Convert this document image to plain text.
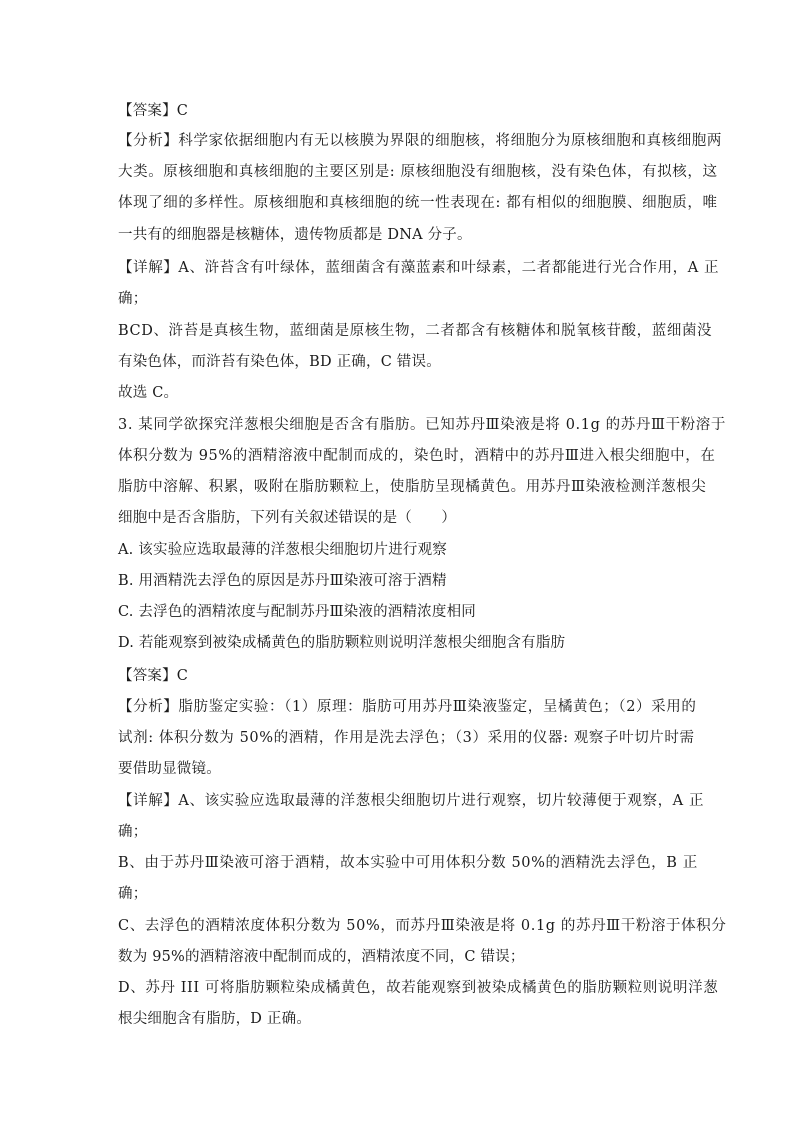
【答案】C
【分析】科学家依据细胞内有无以核膜为界限的细胞核，将细胞分为原核细胞和真核细胞两
大类。原核细胞和真核细胞的主要区别是: 原核细胞没有细胞核，没有染色体，有拟核，这
体现了细的多样性。原核细胞和真核细胞的统一性表现在: 都有相似的细胞膜、细胞质，唯
一共有的细胞器是核糖体，遗传物质都是 DNA 分子。
【详解】A、浒苔含有叶绿体，蓝细菌含有藻蓝素和叶绿素，二者都能进行光合作用，A 正
确；
BCD、浒苔是真核生物，蓝细菌是原核生物，二者都含有核糖体和脱氧核苷酸，蓝细菌没
有染色体，而浒苔有染色体，BD 正确，C 错误。
故选 C。
3. 某同学欲探究洋葱根尖细胞是否含有脂肪。已知苏丹Ⅲ染液是将 0.1g 的苏丹Ⅲ干粉溶于
体积分数为 95%的酒精溶液中配制而成的，染色时，酒精中的苏丹Ⅲ进入根尖细胞中，在
脂肪中溶解、积累，吸附在脂肪颗粒上，使脂肪呈现橘黄色。用苏丹Ⅲ染液检测洋葱根尖
细胞中是否含脂肪，下列有关叙述错误的是（　　）
A. 该实验应选取最薄的洋葱根尖细胞切片进行观察
B. 用酒精洗去浮色的原因是苏丹Ⅲ染液可溶于酒精
C. 去浮色的酒精浓度与配制苏丹Ⅲ染液的酒精浓度相同
D. 若能观察到被染成橘黄色的脂肪颗粒则说明洋葱根尖细胞含有脂肪
【答案】C
【分析】脂肪鉴定实验：（1）原理：脂肪可用苏丹Ⅲ染液鉴定，呈橘黄色；（2）采用的
试剂: 体积分数为 50%的酒精，作用是洗去浮色；（3）采用的仪器: 观察子叶切片时需
要借助显微镜。
【详解】A、该实验应选取最薄的洋葱根尖细胞切片进行观察，切片较薄便于观察，A 正
确；
B、由于苏丹Ⅲ染液可溶于酒精，故本实验中可用体积分数 50%的酒精洗去浮色，B 正
确；
C、去浮色的酒精浓度体积分数为 50%，而苏丹Ⅲ染液是将 0.1g 的苏丹Ⅲ干粉溶于体积分
数为 95%的酒精溶液中配制而成的，酒精浓度不同，C 错误；
D、苏丹 III 可将脂肪颗粒染成橘黄色，故若能观察到被染成橘黄色的脂肪颗粒则说明洋葱
根尖细胞含有脂肪，D 正确。
